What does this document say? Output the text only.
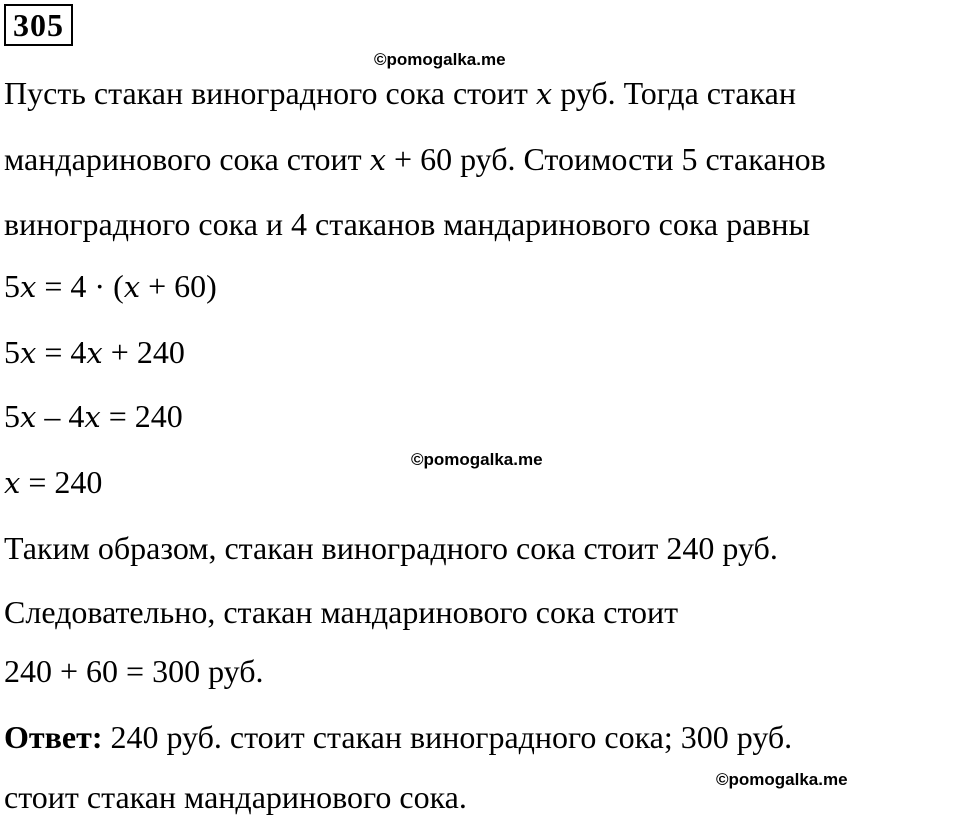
305
©pomogalka.me
©pomogalka.me
©pomogalka.me
Пусть стакан виноградного сока стоит x руб. Тогда стакан
мандаринового сока стоит x + 60 руб. Стоимости 5 стаканов
виноградного сока и 4 стаканов мандаринового сока равны
5x = 4 · (x + 60)
5x = 4x + 240
5x – 4x = 240
x = 240
Таким образом, стакан виноградного сока стоит 240 руб.
Следовательно, стакан мандаринового сока стоит
240 + 60 = 300 руб.
Ответ: 240 руб. стоит стакан виноградного сока; 300 руб.
стоит стакан мандаринового сока.
